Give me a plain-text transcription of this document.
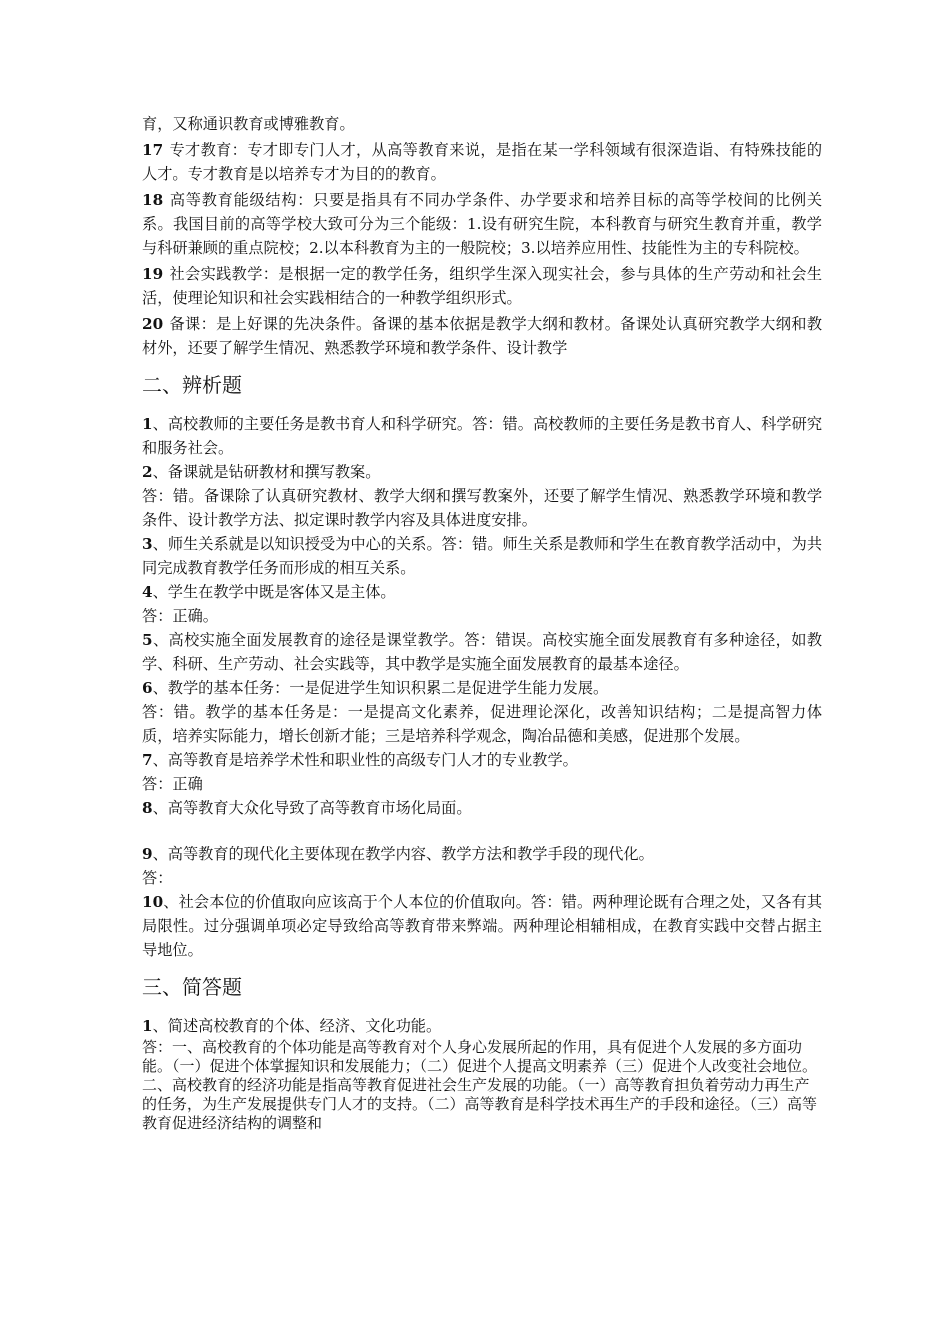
育，又称通识教育或博雅教育。

17 专才教育：专才即专门人才，从高等教育来说，是指在某一学科领域有很深造诣、有特殊技能的人才。专才教育是以培养专才为目的的教育。

18 高等教育能级结构：只要是指具有不同办学条件、办学要求和培养目标的高等学校间的比例关系。我国目前的高等学校大致可分为三个能级：1.设有研究生院，本科教育与研究生教育并重，教学与科研兼顾的重点院校；2.以本科教育为主的一般院校；3.以培养应用性、技能性为主的专科院校。

19 社会实践教学：是根据一定的教学任务，组织学生深入现实社会，参与具体的生产劳动和社会生活，使理论知识和社会实践相结合的一种教学组织形式。

20 备课：是上好课的先决条件。备课的基本依据是教学大纲和教材。备课处认真研究教学大纲和教材外，还要了解学生情况、熟悉教学环境和教学条件、设计教学

二、辨析题

1、高校教师的主要任务是教书育人和科学研究。答：错。高校教师的主要任务是教书育人、科学研究和服务社会。

2、备课就是钻研教材和撰写教案。

答：错。备课除了认真研究教材、教学大纲和撰写教案外，还要了解学生情况、熟悉教学环境和教学条件、设计教学方法、拟定课时教学内容及具体进度安排。

3、师生关系就是以知识授受为中心的关系。答：错。师生关系是教师和学生在教育教学活动中，为共同完成教育教学任务而形成的相互关系。

4、学生在教学中既是客体又是主体。

答：正确。

5、高校实施全面发展教育的途径是课堂教学。答：错误。高校实施全面发展教育有多种途径，如教学、科研、生产劳动、社会实践等，其中教学是实施全面发展教育的最基本途径。

6、教学的基本任务：一是促进学生知识积累二是促进学生能力发展。

答：错。教学的基本任务是：一是提高文化素养，促进理论深化，改善知识结构；二是提高智力体质，培养实际能力，增长创新才能；三是培养科学观念，陶冶品德和美感，促进那个发展。

7、高等教育是培养学术性和职业性的高级专门人才的专业教学。

答：正确

8、高等教育大众化导致了高等教育市场化局面。

9、高等教育的现代化主要体现在教学内容、教学方法和教学手段的现代化。

答：

10、社会本位的价值取向应该高于个人本位的价值取向。答：错。两种理论既有合理之处，又各有其局限性。过分强调单项必定导致给高等教育带来弊端。两种理论相辅相成，在教育实践中交替占据主导地位。

三、简答题

1、简述高校教育的个体、经济、文化功能。

答：一、高校教育的个体功能是高等教育对个人身心发展所起的作用，具有促进个人发展的多方面功能。（一）促进个体掌握知识和发展能力；（二）促进个人提高文明素养（三）促进个人改变社会地位。二、高校教育的经济功能是指高等教育促进社会生产发展的功能。（一）高等教育担负着劳动力再生产的任务，为生产发展提供专门人才的支持。（二）高等教育是科学技术再生产的手段和途径。（三）高等教育促进经济结构的调整和
